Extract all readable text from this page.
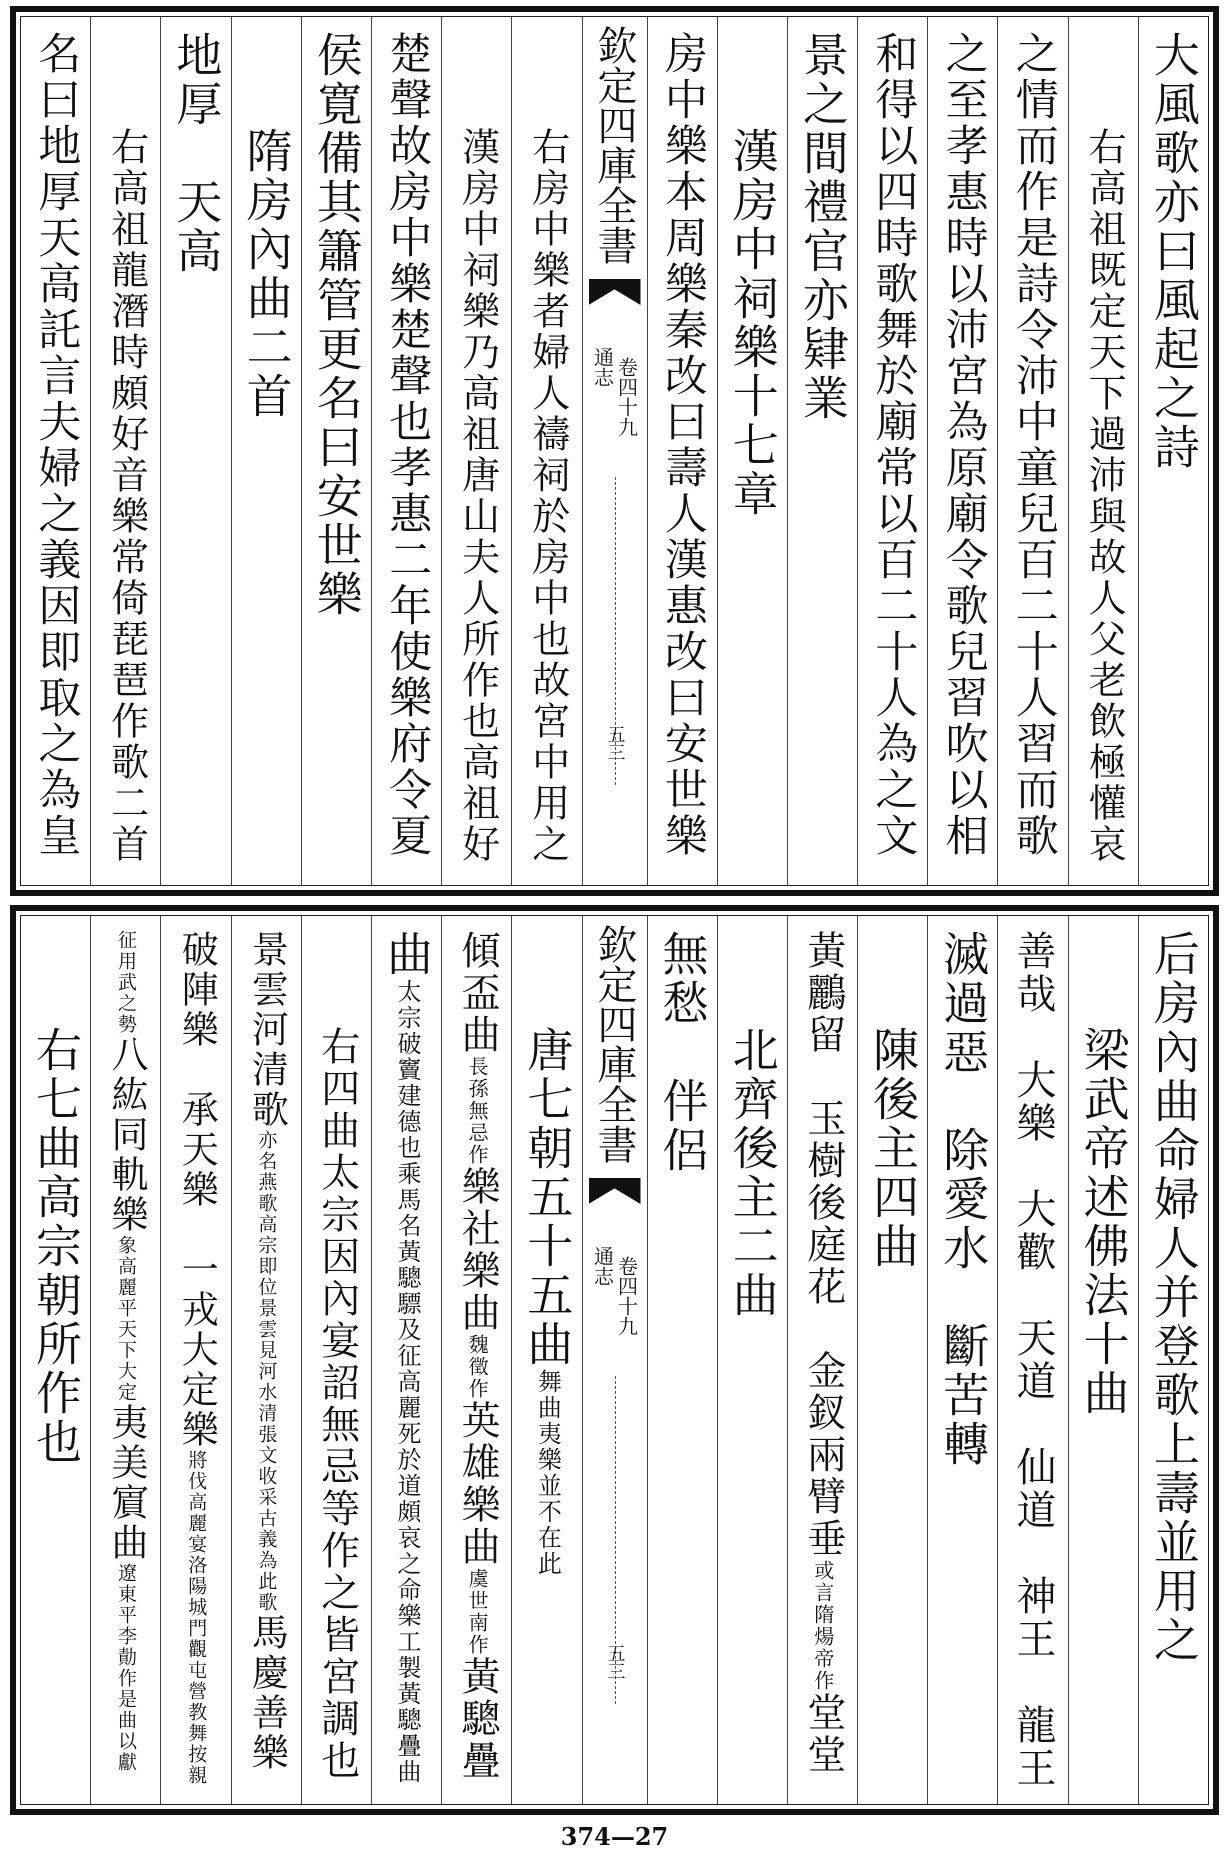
大風歌亦曰風起之詩
右高祖既定天下過沛與故人父老飲極懽哀
之情而作是詩令沛中童兒百二十人習而歌
之至孝惠時以沛宮為原廟令歌兒習吹以相
和得以四時歌舞於廟常以百二十人為之文
景之間禮官亦肄業
漢房中祠樂十七章
房中樂本周樂秦改曰壽人漢惠改曰安世樂
欽定四庫全書
通志 卷四十九
五三
右房中樂者婦人禱祠於房中也故宮中用之
漢房中祠樂乃高祖唐山夫人所作也高祖好
楚聲故房中樂楚聲也孝惠二年使樂府令夏
侯寛備其簫管更名曰安世樂
隋房內曲二首
地厚　天高
右高祖龍潛時頗好音樂常倚琵琶作歌二首
名曰地厚天高託言夫婦之義因即取之為皇
后房內曲命婦人并登歌上壽並用之
梁武帝述佛法十曲
善哉　大樂　大歡　天道　仙道　神王　龍王
滅過惡　除愛水　斷苦轉
陳後主四曲
黃鸝留　玉樹後庭花　金釵兩臂垂或言隋煬帝作堂堂
北齊後主二曲
無愁　伴侶
欽定四庫全書
通志 卷四十九
五三
唐七朝五十五曲舞曲夷樂並不在此
傾盃曲長孫無忌作樂社樂曲魏徵作英雄樂曲虞世南作黃驄疊
曲太宗破竇建德也乘馬名黃驄驃及征高麗死於道頗哀之命樂工製黃驄疊曲
右四曲太宗因內宴詔無忌等作之皆宮調也
景雲河清歌亦名燕歌高宗即位景雲見河水清張文收采古義為此歌馬慶善樂
破陣樂　承天樂　一戎大定樂將伐高麗宴洛陽城門觀屯營教舞按親
征用武之勢八紘同軌樂象高麗平天下大定夷美賔曲遼東平李勣作是曲以獻
右七曲高宗朝所作也
374—27
